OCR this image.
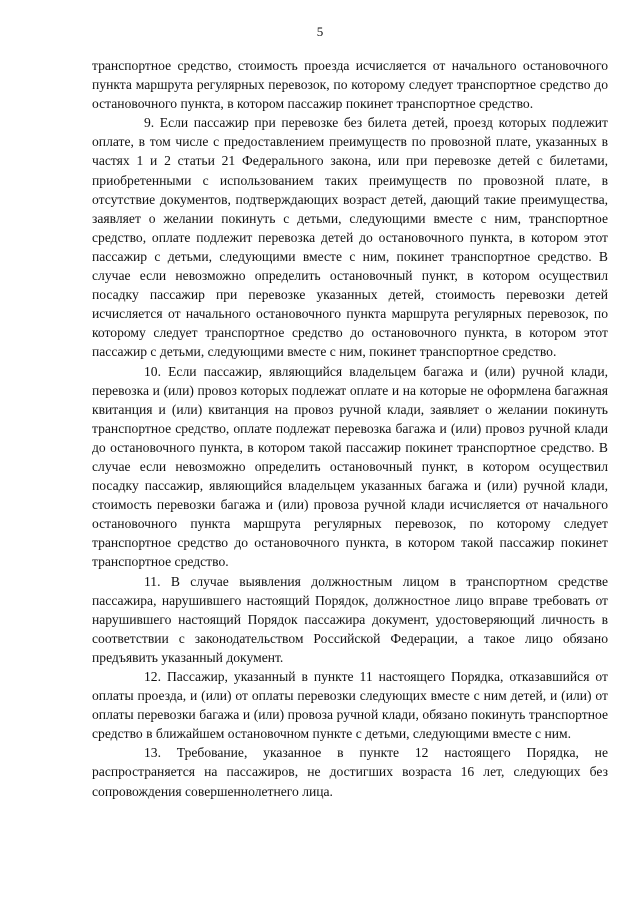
5

транспортное средство, стоимость проезда исчисляется от начального остановочного пункта маршрута регулярных перевозок, по которому следует транспортное средство до остановочного пункта, в котором пассажир покинет транспортное средство.

9. Если пассажир при перевозке без билета детей, проезд которых подлежит оплате, в том числе с предоставлением преимуществ по провозной плате, указанных в частях 1 и 2 статьи 21 Федерального закона, или при перевозке детей с билетами, приобретенными с использованием таких преимуществ по провозной плате, в отсутствие документов, подтверждающих возраст детей, дающий такие преимущества, заявляет о желании покинуть с детьми, следующими вместе с ним, транспортное средство, оплате подлежит перевозка детей до остановочного пункта, в котором этот пассажир с детьми, следующими вместе с ним, покинет транспортное средство. В случае если невозможно определить остановочный пункт, в котором осуществил посадку пассажир при перевозке указанных детей, стоимость перевозки детей исчисляется от начального остановочного пункта маршрута регулярных перевозок, по которому следует транспортное средство до остановочного пункта, в котором этот пассажир с детьми, следующими вместе с ним, покинет транспортное средство.

10. Если пассажир, являющийся владельцем багажа и (или) ручной клади, перевозка и (или) провоз которых подлежат оплате и на которые не оформлена багажная квитанция и (или) квитанция на провоз ручной клади, заявляет о желании покинуть транспортное средство, оплате подлежат перевозка багажа и (или) провоз ручной клади до остановочного пункта, в котором такой пассажир покинет транспортное средство. В случае если невозможно определить остановочный пункт, в котором осуществил посадку пассажир, являющийся владельцем указанных багажа и (или) ручной клади, стоимость перевозки багажа и (или) провоза ручной клади исчисляется от начального остановочного пункта маршрута регулярных перевозок, по которому следует транспортное средство до остановочного пункта, в котором такой пассажир покинет транспортное средство.

11. В случае выявления должностным лицом в транспортном средстве пассажира, нарушившего настоящий Порядок, должностное лицо вправе требовать от нарушившего настоящий Порядок пассажира документ, удостоверяющий личность в соответствии с законодательством Российской Федерации, а такое лицо обязано предъявить указанный документ.

12. Пассажир, указанный в пункте 11 настоящего Порядка, отказавшийся от оплаты проезда, и (или) от оплаты перевозки следующих вместе с ним детей, и (или) от оплаты перевозки багажа и (или) провоза ручной клади, обязано покинуть транспортное средство в ближайшем остановочном пункте с детьми, следующими вместе с ним.

13. Требование, указанное в пункте 12 настоящего Порядка, не распространяется на пассажиров, не достигших возраста 16 лет, следующих без сопровождения совершеннолетнего лица.
